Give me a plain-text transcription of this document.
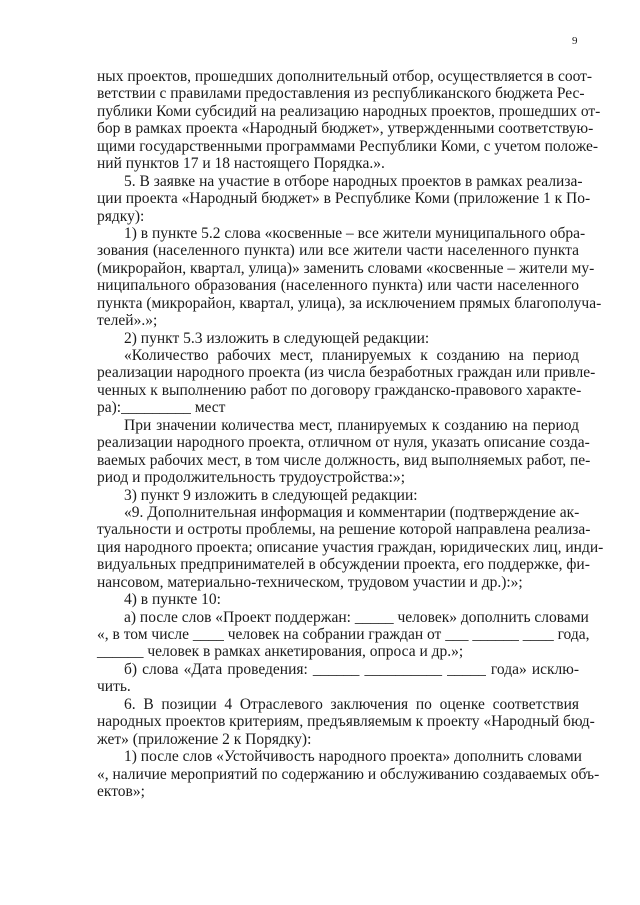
9
ных проектов, прошедших дополнительный отбор, осуществляется в соот-
ветствии с правилами предоставления из республиканского бюджета Рес-
публики Коми субсидий на реализацию народных проектов, прошедших от-
бор в рамках проекта «Народный бюджет», утвержденными соответствую-
щими государственными программами Республики Коми, с учетом положе-
ний пунктов 17 и 18 настоящего Порядка.».
5. В заявке на участие в отборе народных проектов в рамках реализа-
ции проекта «Народный бюджет» в Республике Коми (приложение 1 к По-
рядку):
1) в пункте 5.2 слова «косвенные – все жители муниципального обра-
зования (населенного пункта) или все жители части населенного пункта
(микрорайон, квартал, улица)» заменить словами «косвенные – жители му-
ниципального образования (населенного пункта) или части населенного
пункта (микрорайон, квартал, улица), за исключением прямых благополуча-
телей».»;
2) пункт 5.3 изложить в следующей редакции:
«Количество рабочих мест, планируемых к созданию на период
реализации народного проекта (из числа безработных граждан или привле-
ченных к выполнению работ по договору гражданско-правового характе-
ра):_________ мест
При значении количества мест, планируемых к созданию на период
реализации народного проекта, отличном от нуля, указать описание созда-
ваемых рабочих мест, в том числе должность, вид выполняемых работ, пе-
риод и продолжительность трудоустройства:»;
3) пункт 9 изложить в следующей редакции:
«9. Дополнительная информация и комментарии (подтверждение ак-
туальности и остроты проблемы, на решение которой направлена реализа-
ция народного проекта; описание участия граждан, юридических лиц, инди-
видуальных предпринимателей в обсуждении проекта, его поддержке, фи-
нансовом, материально-техническом, трудовом участии и др.):»;
4) в пункте 10:
а) после слов «Проект поддержан: _____ человек» дополнить словами
«, в том числе ____ человек на собрании граждан от ___ ______ ____ года,
______ человек в рамках анкетирования, опроса и др.»;
б) слова «Дата проведения: ______ __________ _____ года» исклю-
чить.
6. В позиции 4 Отраслевого заключения по оценке соответствия
народных проектов критериям, предъявляемым к проекту «Народный бюд-
жет» (приложение 2 к Порядку):
1) после слов «Устойчивость народного проекта» дополнить словами
«, наличие мероприятий по содержанию и обслуживанию создаваемых объ-
ектов»;
